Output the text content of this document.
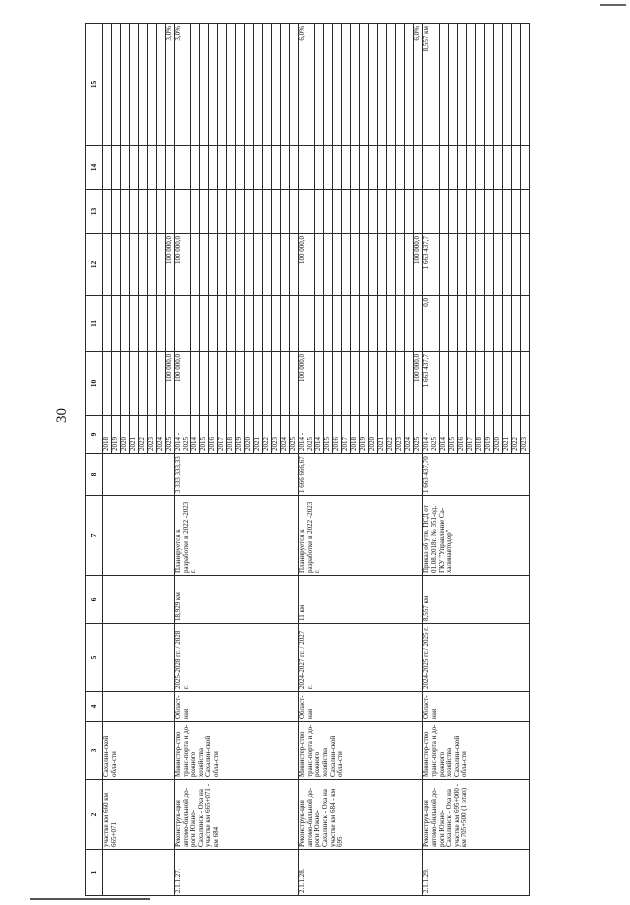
30
1	2	3	4	5	6	7	8	9	10	11	12	13	14	15
	участке км 660 км 665+071	Сахалин-ской обла-сти						2018						
								2019						
								2020						
								2021						
								2022						
								2023						
								2024						
								2025	100 000,0		100 000,0			3,0%
2.1.1.27.	Реконструк-ция автомо-бильной до-роги Южно-Сахалинск - Оха на участке км 665+071 - км 684	Министер-ство транс-порта и до-рожного хозяйства Сахалин-ской обла-сти	Област-ная	2025-2028 гг. / 2028 г.	18,929 км	Планируется к разработке в 2022 -2023 г.	3 333 333,33	2014 - 2025	100 000,0		100 000,0			3,0%
								2014						
								2015						
								2016						
								2017						
								2018						
								2019						
								2020						
								2021						
								2022						
								2023						
								2024						
								2025						
2.1.1.28.	Реконструк-ция автомо-бильной до-роги Южно-Сахалинск - Оха на участке км 684 - км 695	Министер-ство транс-порта и до-рожного хозяйства Сахалин-ской обла-сти	Област-ная	2024-2027 гг. / 2027 г.	11 км	Планируется к разработке в 2022 -2023 г.	1 666 666,67	2014 - 2025	100 000,0		100 000,0			6,0%
								2014						
								2015						
								2016						
								2017						
								2018						
								2019						
								2020						
								2021						
								2022						
								2023						
								2024						
								2025	100 000,0		100 000,0			6,0%
2.1.1.29.	Реконструк-ция автомо-бильной до-роги Южно-Сахалинск - Оха на участке км 695+000 - км 705+500 (1 этап)	Министер-ство транс-порта и до-рожного хозяйства Сахалин-ской обла-сти	Област-ная	2024-2025 гг./ 2025 г.	8,557 км	Приказ об утв. ПСД от 01.08.2018г. № 351-од, ГКУ "Управление Са-халинавтодор"	1 663 437,70	2014 - 2025	1 663 437,7	0,0	1 663 437,7			8,557 км
								2014						
								2015						
								2016						
								2017						
								2018						
								2019						
								2020						
								2021						
								2022						
								2023						
